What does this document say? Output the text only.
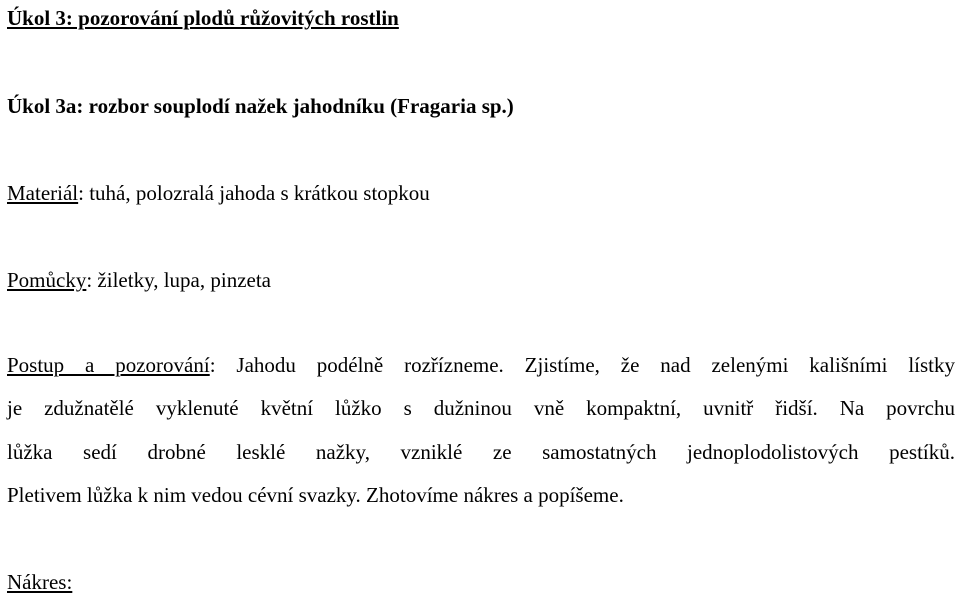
Úkol 3: pozorování plodů růžovitých rostlin
Úkol 3a: rozbor souplodí nažek jahodníku (Fragaria sp.)
Materiál: tuhá, polozralá jahoda s krátkou stopkou
Pomůcky: žiletky, lupa, pinzeta
Postup a pozorování: Jahodu podélně rozřízneme. Zjistíme, že nad zelenými kališními lístky
je zdužnatělé vyklenuté květní lůžko s dužninou vně kompaktní, uvnitř řidší. Na povrchu
lůžka sedí drobné lesklé nažky, vzniklé ze samostatných jednoplodolistových pestíků.
Pletivem lůžka k nim vedou cévní svazky. Zhotovíme nákres a popíšeme.
Nákres:
